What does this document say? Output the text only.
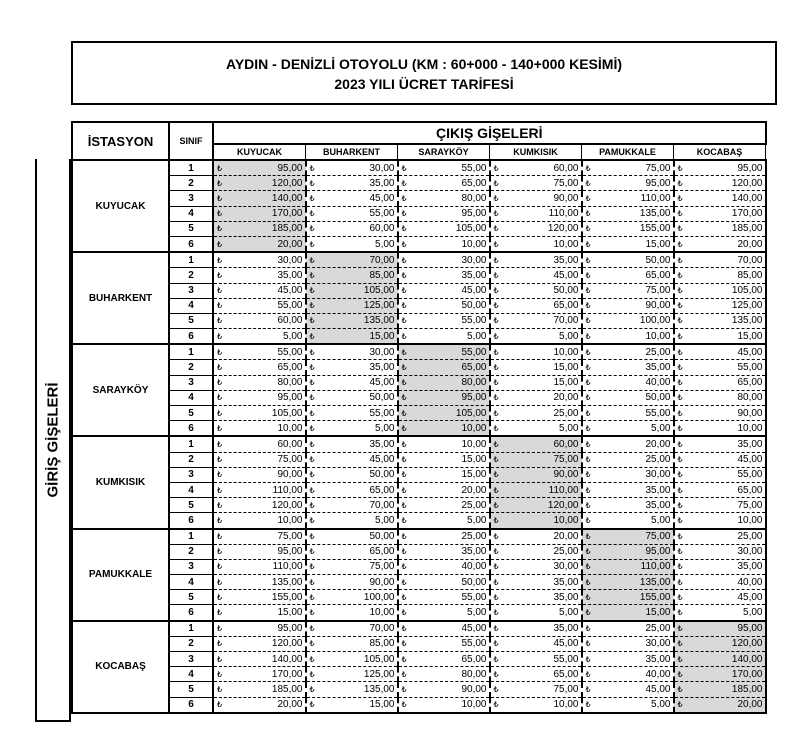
AYDIN - DENİZLİ OTOYOLU (KM : 60+000 - 140+000 KESİMİ)
2023 YILI ÜCRET TARİFESİ
GİRİŞ GİŞELERİ
İSTASYON	SINIF	ÇIKIŞ GİŞELERİ					
		KUYUCAK	BUHARKENT	SARAYKÖY	KUMKISIK	PAMUKKALE	KOCABAŞ
KUYUCAK	1	₺ 95,00	₺ 30,00	₺ 55,00	₺ 60,00	₺ 75,00	₺ 95,00

	2	₺ 120,00	₺ 35,00	₺ 65,00	₺ 75,00	₺ 95,00	₺ 120,00

	3	₺ 140,00	₺ 45,00	₺ 80,00	₺ 90,00	₺ 110,00	₺ 140,00

	4	₺ 170,00	₺ 55,00	₺ 95,00	₺ 110,00	₺ 135,00	₺ 170,00

	5	₺ 185,00	₺ 60,00	₺ 105,00	₺ 120,00	₺ 155,00	₺ 185,00

	6	₺ 20,00	₺ 5,00	₺ 10,00	₺ 10,00	₺ 15,00	₺ 20,00

BUHARKENT	1	₺ 30,00	₺ 70,00	₺ 30,00	₺ 35,00	₺ 50,00	₺ 70,00

	2	₺ 35,00	₺ 85,00	₺ 35,00	₺ 45,00	₺ 65,00	₺ 85,00

	3	₺ 45,00	₺ 105,00	₺ 45,00	₺ 50,00	₺ 75,00	₺ 105,00

	4	₺ 55,00	₺ 125,00	₺ 50,00	₺ 65,00	₺ 90,00	₺ 125,00

	5	₺ 60,00	₺ 135,00	₺ 55,00	₺ 70,00	₺ 100,00	₺ 135,00

	6	₺ 5,00	₺ 15,00	₺ 5,00	₺ 5,00	₺ 10,00	₺ 15,00

SARAYKÖY	1	₺ 55,00	₺ 30,00	₺ 55,00	₺ 10,00	₺ 25,00	₺ 45,00

	2	₺ 65,00	₺ 35,00	₺ 65,00	₺ 15,00	₺ 35,00	₺ 55,00

	3	₺ 80,00	₺ 45,00	₺ 80,00	₺ 15,00	₺ 40,00	₺ 65,00

	4	₺ 95,00	₺ 50,00	₺ 95,00	₺ 20,00	₺ 50,00	₺ 80,00

	5	₺ 105,00	₺ 55,00	₺ 105,00	₺ 25,00	₺ 55,00	₺ 90,00

	6	₺ 10,00	₺ 5,00	₺ 10,00	₺ 5,00	₺ 5,00	₺ 10,00

KUMKISIK	1	₺ 60,00	₺ 35,00	₺ 10,00	₺ 60,00	₺ 20,00	₺ 35,00

	2	₺ 75,00	₺ 45,00	₺ 15,00	₺ 75,00	₺ 25,00	₺ 45,00

	3	₺ 90,00	₺ 50,00	₺ 15,00	₺ 90,00	₺ 30,00	₺ 55,00

	4	₺ 110,00	₺ 65,00	₺ 20,00	₺ 110,00	₺ 35,00	₺ 65,00

	5	₺ 120,00	₺ 70,00	₺ 25,00	₺ 120,00	₺ 35,00	₺ 75,00

	6	₺ 10,00	₺ 5,00	₺ 5,00	₺ 10,00	₺ 5,00	₺ 10,00

PAMUKKALE	1	₺ 75,00	₺ 50,00	₺ 25,00	₺ 20,00	₺ 75,00	₺ 25,00

	2	₺ 95,00	₺ 65,00	₺ 35,00	₺ 25,00	₺ 95,00	₺ 30,00

	3	₺ 110,00	₺ 75,00	₺ 40,00	₺ 30,00	₺ 110,00	₺ 35,00

	4	₺ 135,00	₺ 90,00	₺ 50,00	₺ 35,00	₺ 135,00	₺ 40,00

	5	₺ 155,00	₺ 100,00	₺ 55,00	₺ 35,00	₺ 155,00	₺ 45,00

	6	₺ 15,00	₺ 10,00	₺ 5,00	₺ 5,00	₺ 15,00	₺ 5,00

KOCABAŞ	1	₺ 95,00	₺ 70,00	₺ 45,00	₺ 35,00	₺ 25,00	₺ 95,00

	2	₺ 120,00	₺ 85,00	₺ 55,00	₺ 45,00	₺ 30,00	₺ 120,00

	3	₺ 140,00	₺ 105,00	₺ 65,00	₺ 55,00	₺ 35,00	₺ 140,00

	4	₺ 170,00	₺ 125,00	₺ 80,00	₺ 65,00	₺ 40,00	₺ 170,00

	5	₺ 185,00	₺ 135,00	₺ 90,00	₺ 75,00	₺ 45,00	₺ 185,00

	6	₺ 20,00	₺ 15,00	₺ 10,00	₺ 10,00	₺ 5,00	₺ 20,00
